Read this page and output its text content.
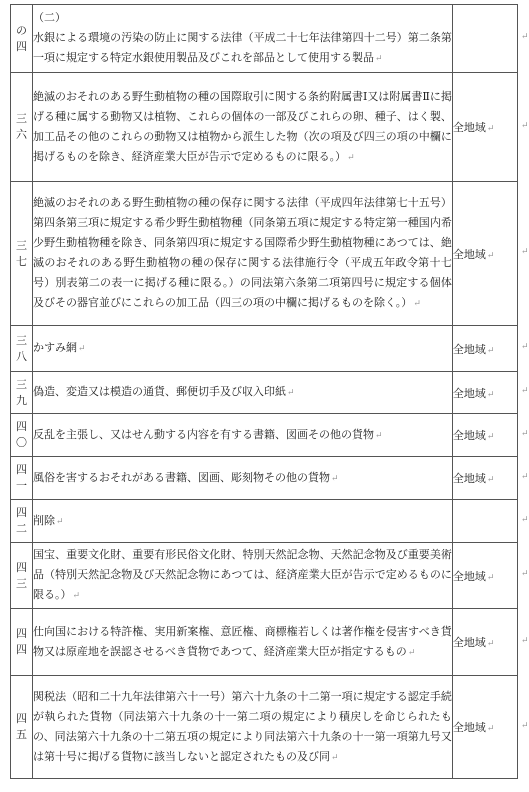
の
四	（二）
水銀による環境の汚染の防止に関する法律（平成二十七年法律第四十二号）第二条第一項に規定する特定水銀使用製品及びこれを部品として使用する製品↵	

三
六	絶滅のおそれのある野生動植物の種の国際取引に関する条約附属書Ⅰ又は附属書Ⅱに掲げる種に属する動物又は植物、これらの個体の一部及びこれらの卵、種子、はく製、加工品その他のこれらの動物又は植物から派生した物（次の項及び四三の項の中欄に掲げるものを除き、経済産業大臣が告示で定めるものに限る。）↵	全地域↵

三
七	絶滅のおそれのある野生動植物の種の保存に関する法律（平成四年法律第七十五号）第四条第三項に規定する希少野生動植物種（同条第五項に規定する特定第一種国内希少野生動植物種を除き、同条第四項に規定する国際希少野生動植物種にあつては、絶滅のおそれのある野生動植物の種の保存に関する法律施行令（平成五年政令第十七号）別表第二の表一に掲げる種に限る。）の同法第六条第二項第四号に規定する個体及びその器官並びにこれらの加工品（四三の項の中欄に掲げるものを除く。）↵	全地域↵

三
八	かすみ網↵	全地域↵

三
九	偽造、変造又は模造の通貨、郵便切手及び収入印紙↵	全地域↵

四
〇	反乱を主張し、又はせん動する内容を有する書籍、図画その他の貨物↵	全地域↵

四
一	風俗を害するおそれがある書籍、図画、彫刻物その他の貨物↵	全地域↵

四
二	削除↵	

四
三	国宝、重要文化財、重要有形民俗文化財、特別天然記念物、天然記念物及び重要美術品（特別天然記念物及び天然記念物にあつては、経済産業大臣が告示で定めるものに限る。）↵	全地域↵

四
四	仕向国における特許権、実用新案権、意匠権、商標権若しくは著作権を侵害すべき貨物又は原産地を誤認させるべき貨物であつて、経済産業大臣が指定するもの↵	全地域↵

四
五	関税法（昭和二十九年法律第六十一号）第六十九条の十二第一項に規定する認定手続が執られた貨物（同法第六十九条の十一第二項の規定により積戻しを命じられたもの、同法第六十九条の十二第五項の規定により同法第六十九条の十一第一項第九号又は第十号に掲げる貨物に該当しないと認定されたもの及び同↵	全地域↵
↵
↵
↵
↵
↵
↵
↵
↵
↵
↵
↵
